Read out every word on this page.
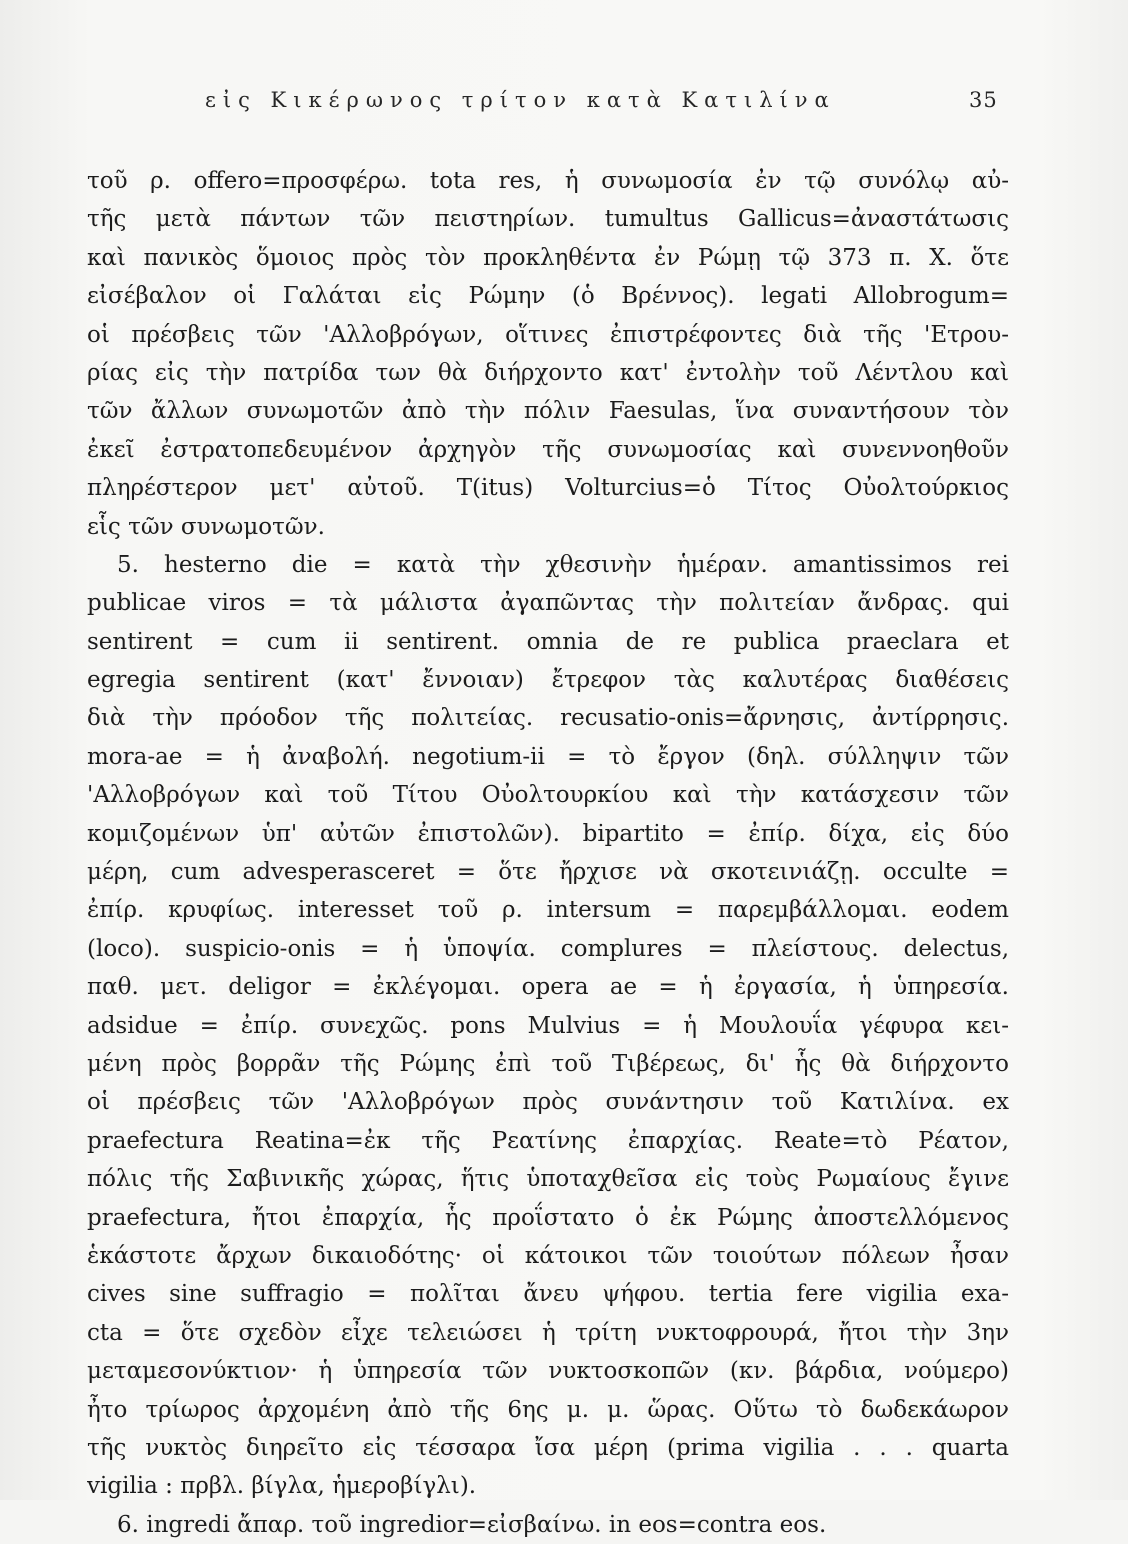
εἰς Κικέρωνος τρίτον κατὰ Κατιλίνα	35
τοῦ ρ. offero=προσφέρω. tota res, ἡ συνωμοσία ἐν τῷ συνόλῳ αὐ-
τῆς μετὰ πάντων τῶν πειστηρίων. tumultus Gallicus=ἀναστάτωσις
καὶ πανικὸς ὅμοιος πρὸς τὸν προκληθέντα ἐν Ρώμῃ τῷ 373 π. Χ. ὅτε
εἰσέβαλον οἱ Γαλάται εἰς Ρώμην (ὁ Βρέννος). legati Allobrogum=
οἱ πρέσβεις τῶν 'Αλλοβρόγων, οἵτινες ἐπιστρέφοντες διὰ τῆς 'Ετρου-
ρίας εἰς τὴν πατρίδα των θὰ διήρχοντο κατ' ἐντολὴν τοῦ Λέντλου καὶ
τῶν ἄλλων συνωμοτῶν ἀπὸ τὴν πόλιν Faesulas, ἵνα συναντήσουν τὸν
ἐκεῖ ἐστρατοπεδευμένον ἀρχηγὸν τῆς συνωμοσίας καὶ συνεννοηθοῦν
πληρέστερον μετ' αὐτοῦ. T(itus) Volturcius=ὁ Τίτος Οὐολτούρκιος
εἷς τῶν συνωμοτῶν.
5. hesterno die = κατὰ τὴν χθεσινὴν ἡμέραν. amantissimos rei
publicae viros = τὰ μάλιστα ἀγαπῶντας τὴν πολιτείαν ἄνδρας. qui
sentirent = cum ii sentirent. omnia de re publica praeclara et
egregia sentirent (κατ' ἔννοιαν) ἔτρεφον τὰς καλυτέρας διαθέσεις
διὰ τὴν πρόοδον τῆς πολιτείας. recusatio-onis=ἄρνησις, ἀντίρρησις.
mora-ae = ἡ ἀναβολή. negotium-ii = τὸ ἔργον (δηλ. σύλληψιν τῶν
'Αλλοβρόγων καὶ τοῦ Τίτου Οὐολτουρκίου καὶ τὴν κατάσχεσιν τῶν
κομιζομένων ὑπ' αὐτῶν ἐπιστολῶν). bipartito = ἐπίρ. δίχα, εἰς δύο
μέρη, cum advesperasceret = ὅτε ἤρχισε νὰ σκοτεινιάζῃ. occulte =
ἐπίρ. κρυφίως. interesset τοῦ ρ. intersum = παρεμβάλλομαι. eodem
(loco). suspicio-onis = ἡ ὑποψία. complures = πλείστους. delectus,
παθ. μετ. deligor = ἐκλέγομαι. opera ae = ἡ ἐργασία, ἡ ὑπηρεσία.
adsidue = ἐπίρ. συνεχῶς. pons Mulvius = ἡ Μουλουΐα γέφυρα κει-
μένη πρὸς βορρᾶν τῆς Ρώμης ἐπὶ τοῦ Τιβέρεως, δι' ἧς θὰ διήρχοντο
οἱ πρέσβεις τῶν 'Αλλοβρόγων πρὸς συνάντησιν τοῦ Κατιλίνα. ex
praefectura Reatina=ἐκ τῆς Ρεατίνης ἐπαρχίας. Reate=τὸ Ρέατον,
πόλις τῆς Σαβινικῆς χώρας, ἥτις ὑποταχθεῖσα εἰς τοὺς Ρωμαίους ἔγινε
praefectura, ἤτοι ἐπαρχία, ἧς προΐστατο ὁ ἐκ Ρώμης ἀποστελλόμενος
ἑκάστοτε ἄρχων δικαιοδότης· οἱ κάτοικοι τῶν τοιούτων πόλεων ἦσαν
cives sine suffragio = πολῖται ἄνευ ψήφου. tertia fere vigilia exa-
cta = ὅτε σχεδὸν εἶχε τελειώσει ἡ τρίτη νυκτοφρουρά, ἤτοι τὴν 3ην
μεταμεσονύκτιον· ἡ ὑπηρεσία τῶν νυκτοσκοπῶν (κν. βάρδια, νούμερο)
ἦτο τρίωρος ἀρχομένη ἀπὸ τῆς 6ης μ. μ. ὥρας. Οὕτω τὸ δωδεκάωρον
τῆς νυκτὸς διηρεῖτο εἰς τέσσαρα ἴσα μέρη (prima vigilia . . . quarta
vigilia : πρβλ. βίγλα, ἡμεροβίγλι).
6. ingredi ἄπαρ. τοῦ ingredior=εἰσβαίνω. in eos=contra eos.
